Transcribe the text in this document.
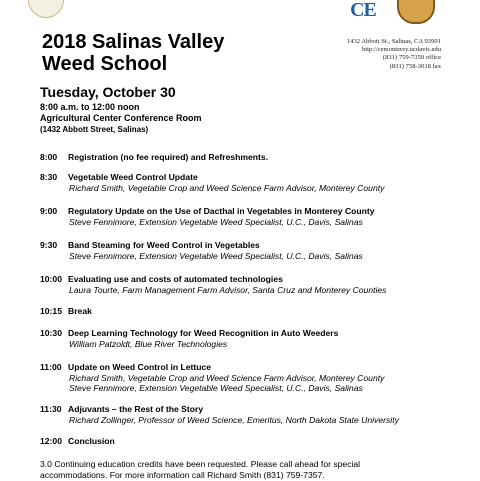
CE
2018 Salinas Valley
Weed School
1432 Abbott St., Salinas, CA 93901
http://cemonterey.ucdavis.edu
(831) 759-7350 office
(831) 758-3018 fax
Tuesday, October 30
8:00 a.m. to 12:00 noon
Agricultural Center Conference Room
(1432 Abbott Street, Salinas)
8:00 Registration (no fee required) and Refreshments.
8:30 Vegetable Weed Control Update
Richard Smith, Vegetable Crop and Weed Science Farm Advisor, Monterey County
9:00 Regulatory Update on the Use of Dacthal in Vegetables in Monterey County
Steve Fennimore, Extension Vegetable Weed Specialist, U.C., Davis, Salinas
9:30 Band Steaming for Weed Control in Vegetables
Steve Fennimore, Extension Vegetable Weed Specialist, U.C., Davis, Salinas
10:00 Evaluating use and costs of automated technologies
Laura Tourte, Farm Management Farm Advisor, Santa Cruz and Monterey Counties
10:15 Break
10:30 Deep Learning Technology for Weed Recognition in Auto Weeders
William Patzoldt, Blue River Technologies
11:00 Update on Weed Control in Lettuce
Richard Smith, Vegetable Crop and Weed Science Farm Advisor, Monterey County
Steve Fennimore, Extension Vegetable Weed Specialist, U.C., Davis, Salinas
11:30 Adjuvants – the Rest of the Story
Richard Zollinger, Professor of Weed Science, Emeritus, North Dakota State University
12:00 Conclusion
3.0 Continuing education credits have been requested. Please call ahead for special
accommodations. For more information call Richard Smith (831) 759-7357.
